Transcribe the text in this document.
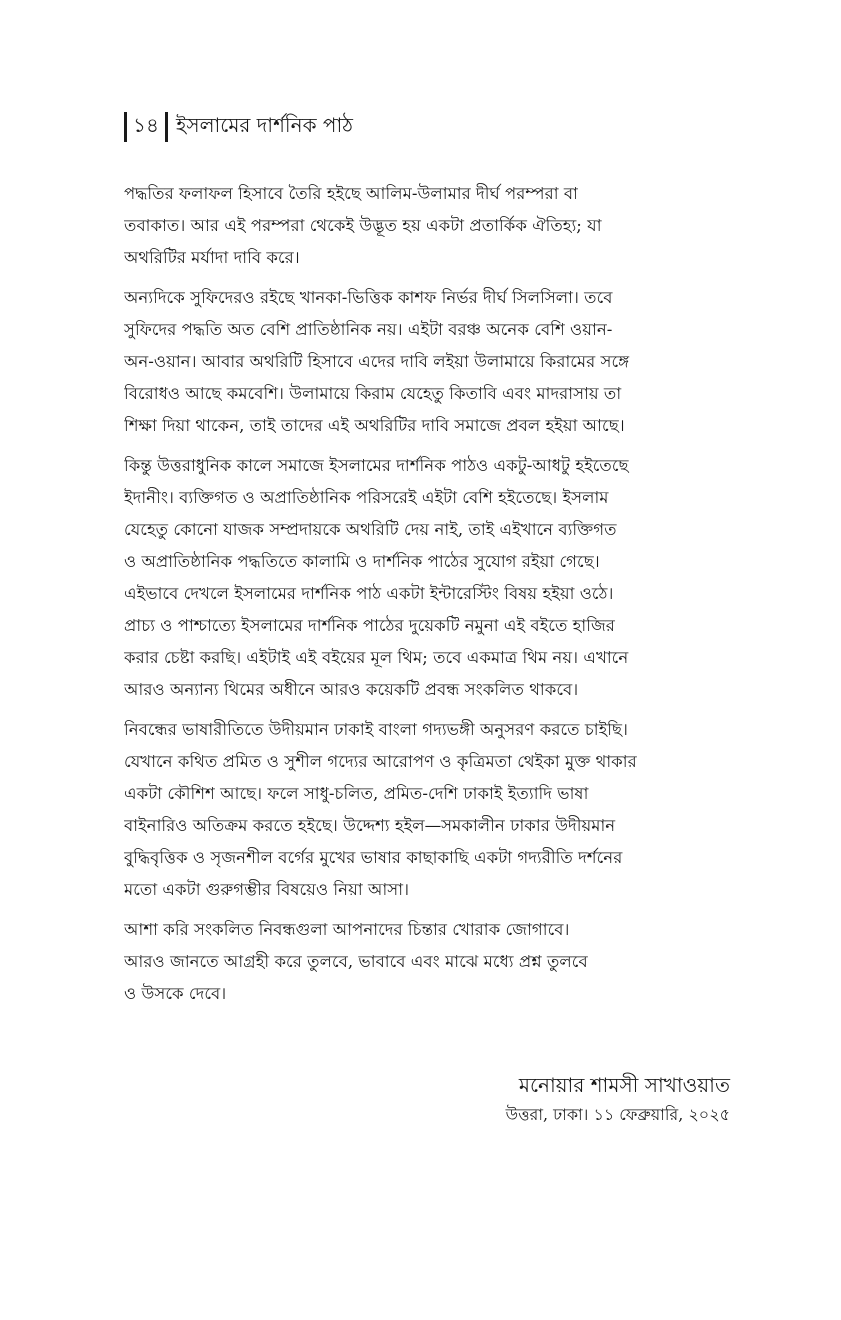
১৪ ইসলামের দার্শনিক পাঠ

পদ্ধতির ফলাফল হিসাবে তৈরি হইছে আলিম-উলামার দীর্ঘ পরম্পরা বা
তবাকাত। আর এই পরম্পরা থেকেই উদ্ভূত হয় একটা প্রতার্কিক ঐতিহ্য; যা
অথরিটির মর্যাদা দাবি করে।

অন্যদিকে সুফিদেরও রইছে খানকা-ভিত্তিক কাশফ নির্ভর দীর্ঘ সিলসিলা। তবে
সুফিদের পদ্ধতি অত বেশি প্রাতিষ্ঠানিক নয়। এইটা বরঞ্চ অনেক বেশি ওয়ান-
অন-ওয়ান। আবার অথরিটি হিসাবে এদের দাবি লইয়া উলামায়ে কিরামের সঙ্গে
বিরোধও আছে কমবেশি। উলামায়ে কিরাম যেহেতু কিতাবি এবং মাদরাসায় তা
শিক্ষা দিয়া থাকেন, তাই তাদের এই অথরিটির দাবি সমাজে প্রবল হইয়া আছে।

কিন্তু উত্তরাধুনিক কালে সমাজে ইসলামের দার্শনিক পাঠও একটু-আধটু হইতেছে
ইদানীং। ব্যক্তিগত ও অপ্রাতিষ্ঠানিক পরিসরেই এইটা বেশি হইতেছে। ইসলাম
যেহেতু কোনো যাজক সম্প্রদায়কে অথরিটি দেয় নাই, তাই এইখানে ব্যক্তিগত
ও অপ্রাতিষ্ঠানিক পদ্ধতিতে কালামি ও দার্শনিক পাঠের সুযোগ রইয়া গেছে।
এইভাবে দেখলে ইসলামের দার্শনিক পাঠ একটা ইন্টারেস্টিং বিষয় হইয়া ওঠে।
প্রাচ্য ও পাশ্চাত্যে ইসলামের দার্শনিক পাঠের দুয়েকটি নমুনা এই বইতে হাজির
করার চেষ্টা করছি। এইটাই এই বইয়ের মূল থিম; তবে একমাত্র থিম নয়। এখানে
আরও অন্যান্য থিমের অধীনে আরও কয়েকটি প্রবন্ধ সংকলিত থাকবে।

নিবন্ধের ভাষারীতিতে উদীয়মান ঢাকাই বাংলা গদ্যভঙ্গী অনুসরণ করতে চাইছি।
যেখানে কথিত প্রমিত ও সুশীল গদ্যের আরোপণ ও কৃত্রিমতা থেইকা মুক্ত থাকার
একটা কৌশিশ আছে। ফলে সাধু-চলিত, প্রমিত-দেশি ঢাকাই ইত্যাদি ভাষা
বাইনারিও অতিক্রম করতে হইছে। উদ্দেশ্য হইল—সমকালীন ঢাকার উদীয়মান
বুদ্ধিবৃত্তিক ও সৃজনশীল বর্গের মুখের ভাষার কাছাকাছি একটা গদ্যরীতি দর্শনের
মতো একটা গুরুগম্ভীর বিষয়েও নিয়া আসা।

আশা করি সংকলিত নিবন্ধগুলা আপনাদের চিন্তার খোরাক জোগাবে।
আরও জানতে আগ্রহী করে তুলবে, ভাবাবে এবং মাঝে মধ্যে প্রশ্ন তুলবে
ও উসকে দেবে।

মনোয়ার শামসী সাখাওয়াত
উত্তরা, ঢাকা। ১১ ফেব্রুয়ারি, ২০২৫
